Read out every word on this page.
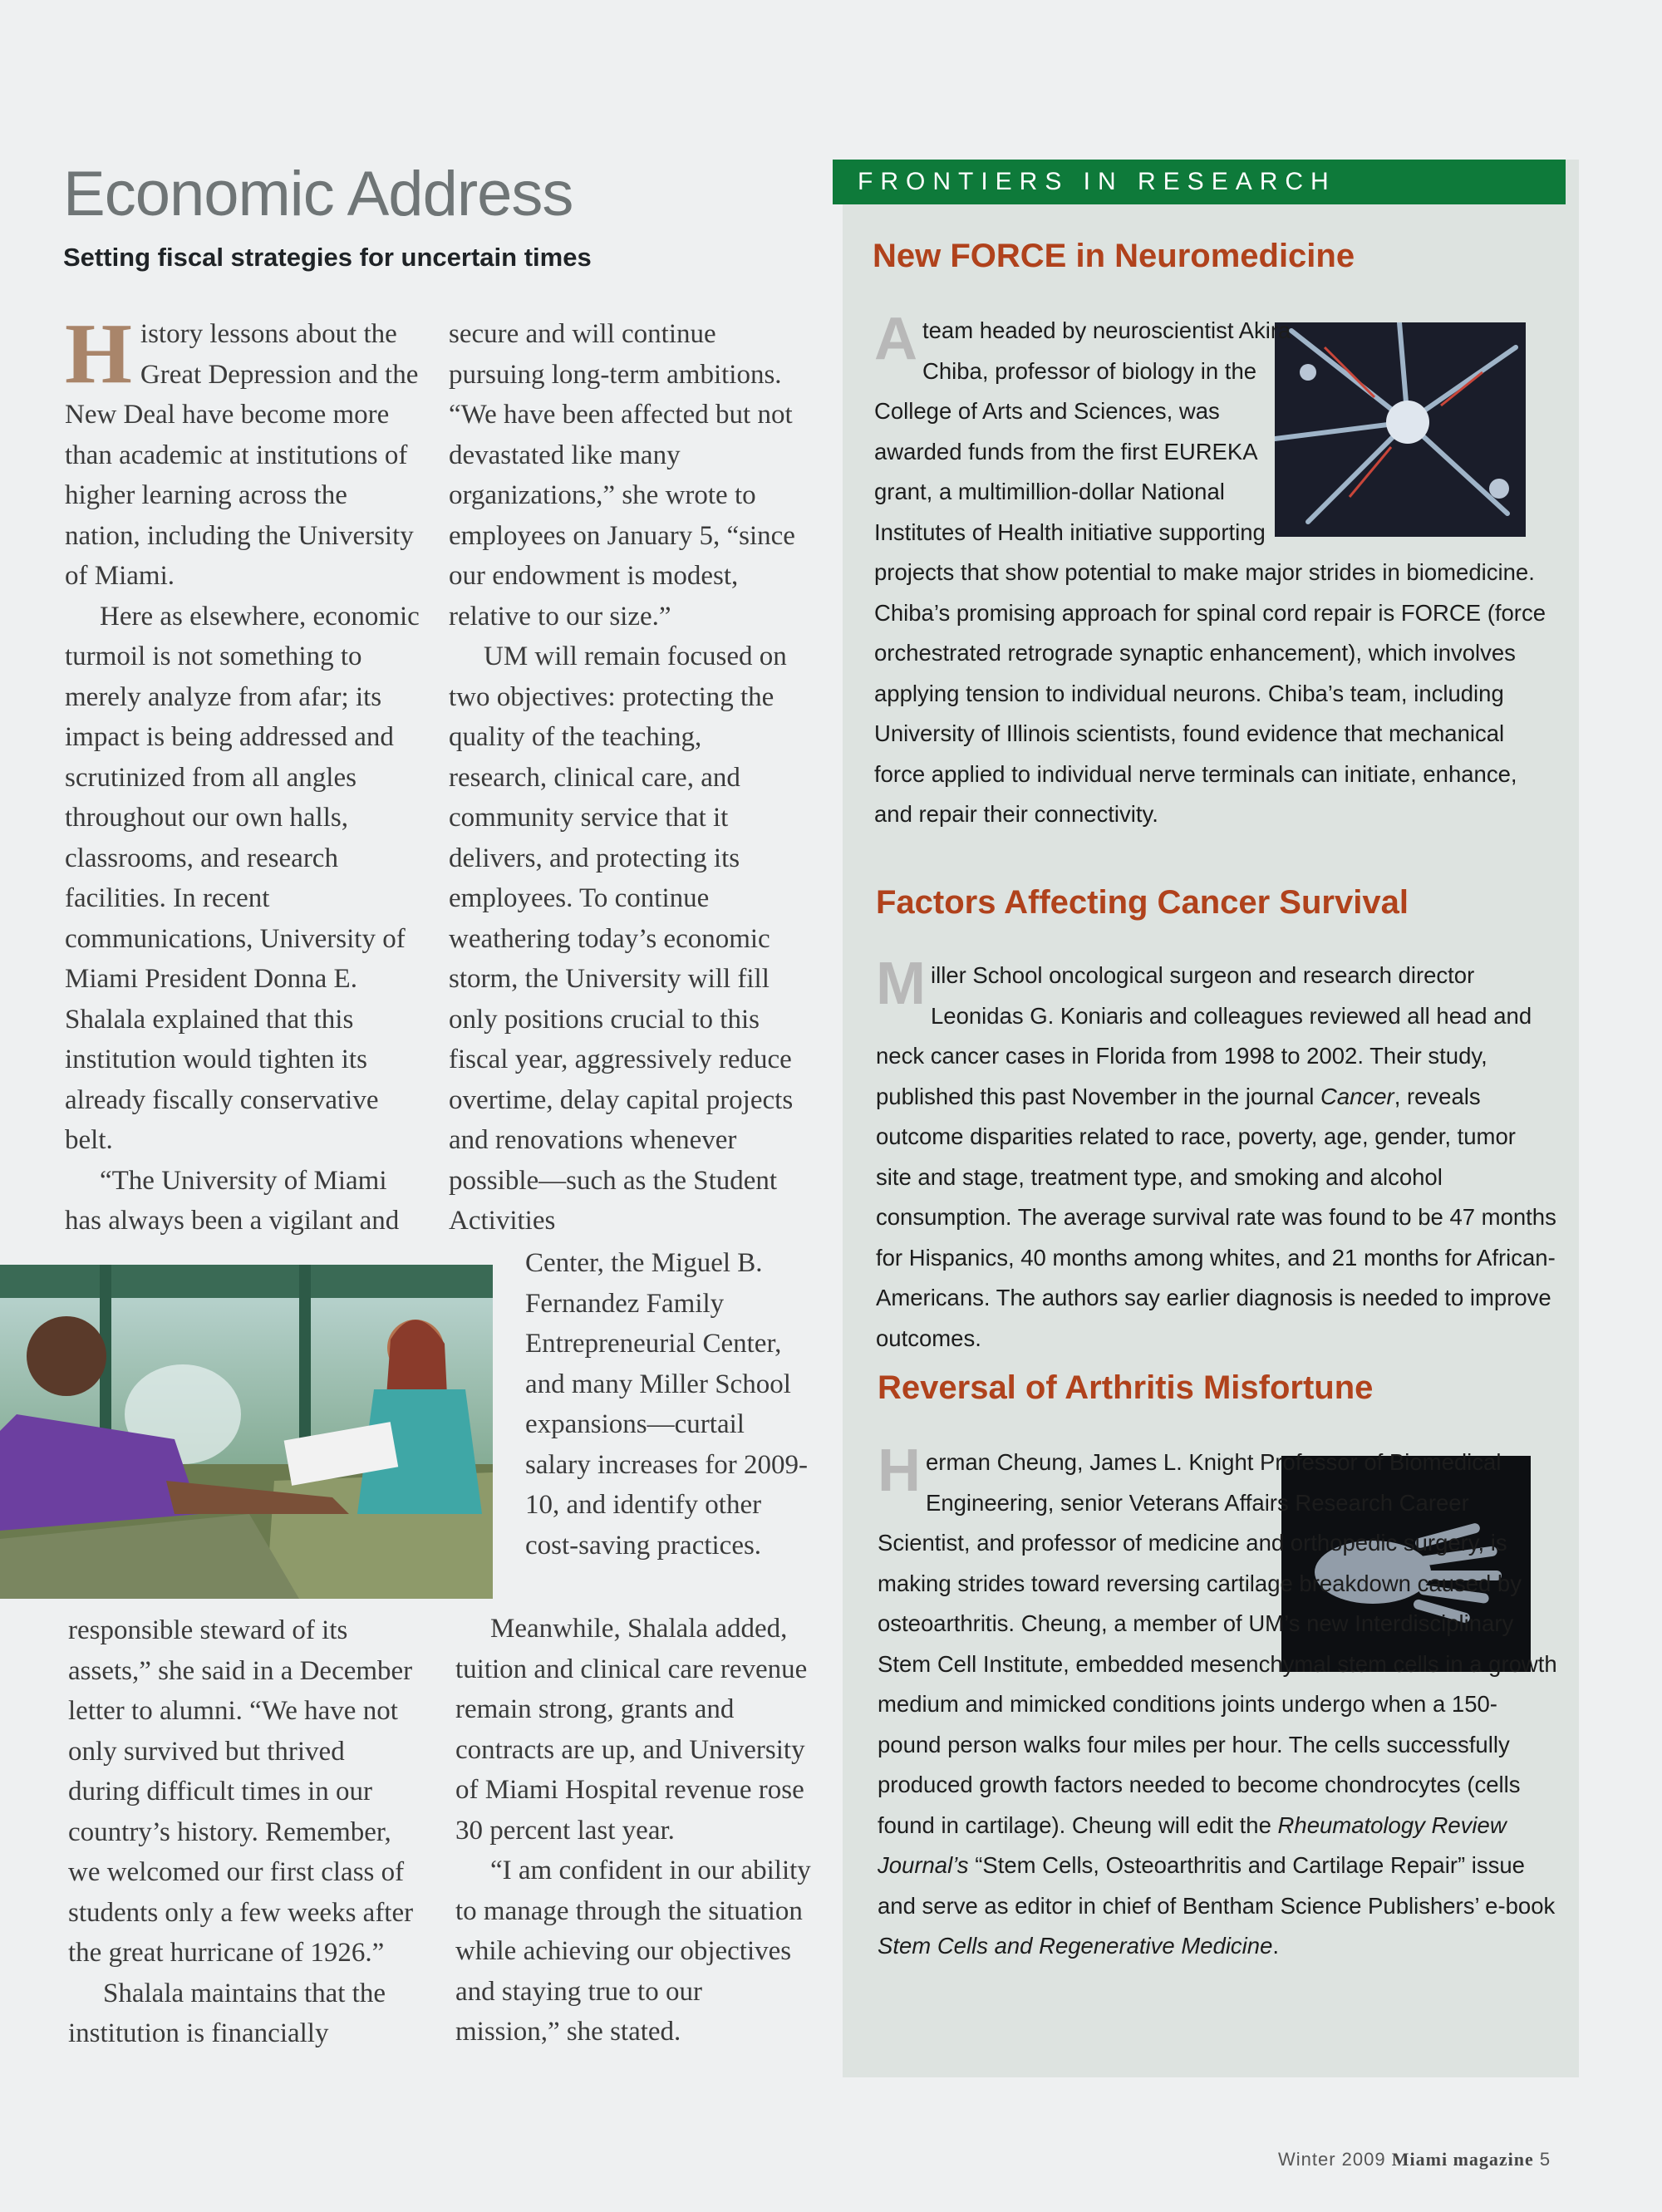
Economic Address
Setting fiscal strategies for uncertain times

History lessons about the Great Depression and the New Deal have become more than academic at institutions of higher learning across the nation, including the University of Miami.

Here as elsewhere, economic turmoil is not something to merely analyze from afar; its impact is being addressed and scrutinized from all angles throughout our own halls, classrooms, and research facilities. In recent communications, University of Miami President Donna E. Shalala explained that this institution would tighten its already fiscally conservative belt.

“The University of Miami has always been a vigilant and

responsible steward of its assets,” she said in a December letter to alumni. “We have not only survived but thrived during difficult times in our country’s history. Remember, we welcomed our first class of students only a few weeks after the great hurricane of 1926.”

Shalala maintains that the institution is financially

secure and will continue pursuing long-term ambitions. “We have been affected but not devastated like many organizations,” she wrote to employees on January 5, “since our endowment is modest, relative to our size.”

UM will remain focused on two objectives: protecting the quality of the teaching, research, clinical care, and community service that it delivers, and protecting its employees. To continue weathering today’s economic storm, the University will fill only positions crucial to this fiscal year, aggressively reduce overtime, delay capital projects and renovations whenever possible—such as the Student Activities

Center, the Miguel B. Fernandez Family Entrepreneurial Center, and many Miller School expansions—curtail salary increases for 2009-10, and identify other cost-saving practices.

Meanwhile, Shalala added, tuition and clinical care revenue remain strong, grants and contracts are up, and University of Miami Hospital revenue rose 30 percent last year.

“I am confident in our ability to manage through the situation while achieving our objectives and staying true to our mission,” she stated.

FRONTIERS IN RESEARCH
New FORCE in Neuromedicine

Ateam headed by neuroscientist Akira Chiba, professor of biology in the College of Arts and Sciences, was awarded funds from the first EUREKA grant, a multimillion-dollar National Institutes of Health initiative supporting projects that show potential to make major strides in biomedicine. Chiba’s promising approach for spinal cord repair is FORCE (force orchestrated retrograde synaptic enhancement), which involves applying tension to individual neurons. Chiba’s team, including University of Illinois scientists, found evidence that mechanical force applied to individual nerve terminals can initiate, enhance, and repair their connectivity.

Factors Affecting Cancer Survival

Miller School oncological surgeon and research director Leonidas G. Koniaris and colleagues reviewed all head and neck cancer cases in Florida from 1998 to 2002. Their study, published this past November in the journal Cancer, reveals outcome disparities related to race, poverty, age, gender, tumor site and stage, treatment type, and smoking and alcohol consumption. The average survival rate was found to be 47 months for Hispanics, 40 months among whites, and 21 months for African-Americans. The authors say earlier diagnosis is needed to improve outcomes.

Reversal of Arthritis Misfortune

Herman Cheung, James L. Knight Professor of Biomedical Engineering, senior Veterans Affairs Research Career Scientist, and professor of medicine and orthopedic surgery, is making strides toward reversing cartilage breakdown caused by osteoarthritis. Cheung, a member of UM’s new Interdisciplinary Stem Cell Institute, embedded mesenchymal stem cells in a growth medium and mimicked conditions joints undergo when a 150-pound person walks four miles per hour. The cells successfully produced growth factors needed to become chondrocytes (cells found in cartilage). Cheung will edit the Rheumatology Review Journal’s “Stem Cells, Osteoarthritis and Cartilage Repair” issue and serve as editor in chief of Bentham Science Publishers’ e-book Stem Cells and Regenerative Medicine.

Winter 2009 Miami magazine 5
